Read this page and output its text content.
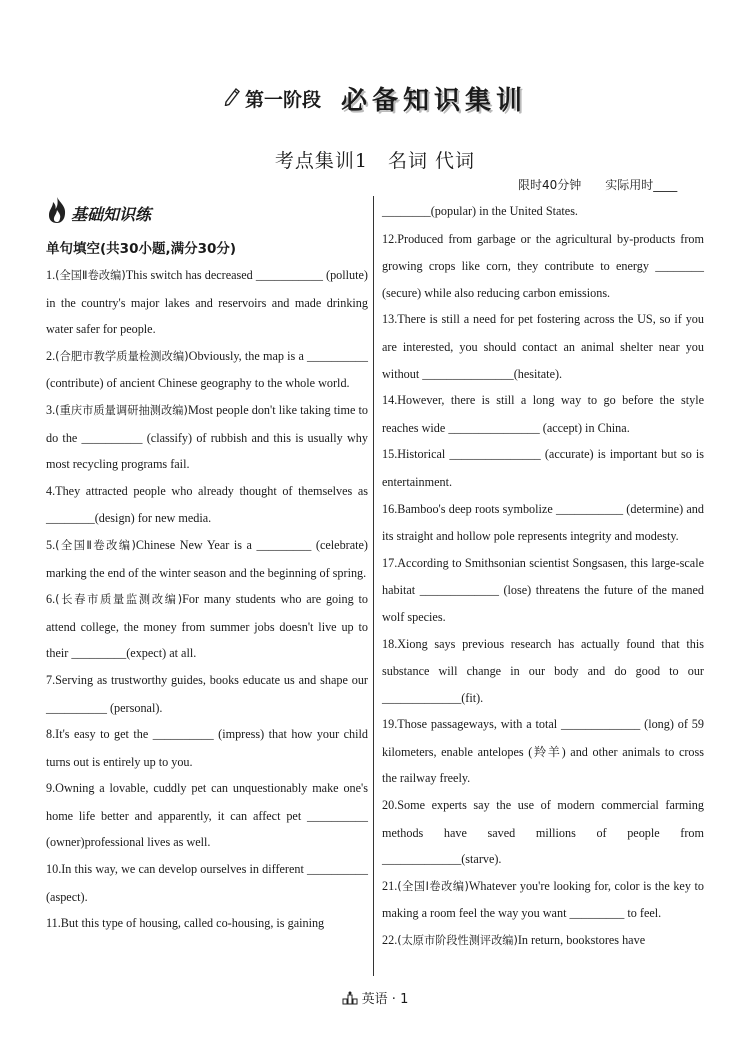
第一阶段 必备知识集训
考点集训1　名词 代词
限时40分钟　　实际用时____
基础知识练
单句填空(共30小题,满分30分)
1.(全国Ⅱ卷改编)This switch has decreased ___________ (pollute) in the country's major lakes and reservoirs and made drinking water safer for people.
2.(合肥市教学质量检测改编)Obviously, the map is a __________ (contribute) of ancient Chinese geography to the whole world.
3.(重庆市质量调研抽测改编)Most people don't like taking time to do the __________ (classify) of rubbish and this is usually why most recycling programs fail.
4.They attracted people who already thought of themselves as ________(design) for new media.
5.(全国Ⅱ卷改编)Chinese New Year is a _________ (celebrate) marking the end of the winter season and the beginning of spring.
6.(长春市质量监测改编)For many students who are going to attend college, the money from summer jobs doesn't live up to their _________(expect) at all.
7.Serving as trustworthy guides, books educate us and shape our __________ (personal).
8.It's easy to get the __________ (impress) that how your child turns out is entirely up to you.
9.Owning a lovable, cuddly pet can unquestionably make one's home life better and apparently, it can affect pet __________ (owner)professional lives as well.
10.In this way, we can develop ourselves in different __________ (aspect).
11.But this type of housing, called co-housing, is gaining
________(popular) in the United States.
12.Produced from garbage or the agricultural by-products from growing crops like corn, they contribute to energy ________ (secure) while also reducing carbon emissions.
13.There is still a need for pet fostering across the US, so if you are interested, you should contact an animal shelter near you without _______________(hesitate).
14.However, there is still a long way to go before the style reaches wide _______________ (accept) in China.
15.Historical _______________ (accurate) is important but so is entertainment.
16.Bamboo's deep roots symbolize ___________ (determine) and its straight and hollow pole represents integrity and modesty.
17.According to Smithsonian scientist Songsasen, this large-scale habitat _____________ (lose) threatens the future of the maned wolf species.
18.Xiong says previous research has actually found that this substance will change in our body and do good to our _____________(fit).
19.Those passageways, with a total _____________ (long) of 59 kilometers, enable antelopes (羚羊) and other animals to cross the railway freely.
20.Some experts say the use of modern commercial farming methods have saved millions of people from _____________(starve).
21.(全国Ⅰ卷改编)Whatever you're looking for, color is the key to making a room feel the way you want _________ to feel.
22.(太原市阶段性测评改编)In return, bookstores have
英语 · 1
